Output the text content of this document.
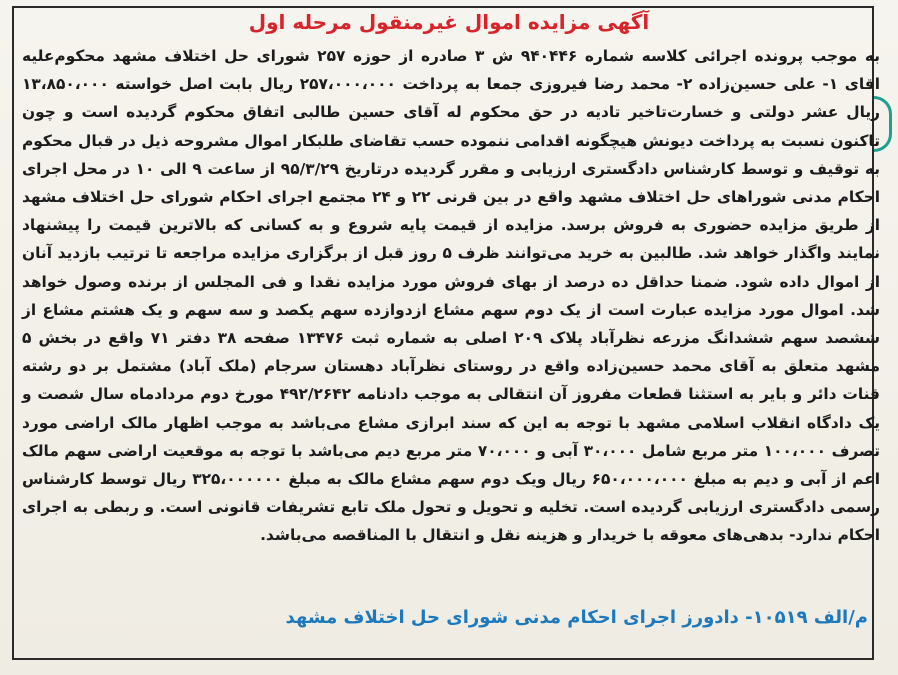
آگهی مزایده اموال غیرمنقول مرحله اول

به موجب پرونده اجرائی کلاسه شماره ۹۴۰۴۴۶ ش ۳ صادره از حوزه ۲۵۷ شورای حل اختلاف مشهد محکوم‌علیه اقای ۱- علی حسین‌زاده ۲- محمد رضا فیروزی جمعا به پرداخت ۲۵۷،۰۰۰،۰۰۰ ریال بابت اصل خواسته ۱۳،۸۵۰،۰۰۰ ریال عشر دولتی و خسارت‌تاخیر تادیه در حق محکوم له آقای حسین طالبی اتفاق محکوم گردیده است و چون تاکنون نسبت به پرداخت دیونش هیچگونه اقدامی ننموده حسب تقاضای طلبکار اموال مشروحه ذیل در قبال محکوم به توقیف و توسط کارشناس دادگستری ارزیابی و مقرر گردیده درتاریخ ۹۵/۳/۲۹ از ساعت ۹ الی ۱۰ در محل اجرای احکام مدنی شوراهای حل اختلاف مشهد واقع در بین قرنی ۲۲ و ۲۴ مجتمع اجرای احکام شورای حل اختلاف مشهد از طریق مزایده حضوری به فروش برسد. مزایده از قیمت پایه شروع و به کسانی که بالاترین قیمت را پیشنهاد نمایند واگذار خواهد شد. طالبین به خرید می‌توانند ظرف ۵ روز قبل از برگزاری مزایده مراجعه تا ترتیب بازدید آنان از اموال داده شود. ضمنا حداقل ده درصد از بهای فروش مورد مزایده نقدا و فی المجلس از برنده وصول خواهد شد. اموال مورد مزایده عبارت است از یک دوم سهم مشاع ازدوازده سهم یکصد و سه سهم و یک هشتم مشاع از ششصد سهم ششدانگ مزرعه نظرآباد پلاک ۲۰۹ اصلی به شماره ثبت ۱۳۴۷۶ صفحه ۳۸ دفتر ۷۱ واقع در بخش ۵ مشهد متعلق به آقای محمد حسین‌زاده واقع در روستای نظرآباد دهستان سرجام (ملک آباد) مشتمل بر دو رشته قنات دائر و بایر به استثنا قطعات مفروز آن انتقالی به موجب دادنامه ۴۹۲/۲۶۴۲ مورخ دوم مردادماه سال شصت و یک دادگاه انقلاب اسلامی مشهد با توجه به این که سند ابرازی مشاع می‌باشد به موجب اظهار مالک اراضی مورد تصرف ۱۰۰،۰۰۰ متر مربع شامل ۳۰،۰۰۰ آبی و ۷۰،۰۰۰ متر مربع دیم می‌باشد با توجه به موقعیت اراضی سهم مالک اعم از آبی و دیم به مبلغ ۶۵۰،۰۰۰،۰۰۰ ریال ویک دوم سهم مشاع مالک به مبلغ ۳۲۵،۰۰۰۰۰۰ ریال توسط کارشناس رسمی دادگستری ارزیابی گردیده است. تخلیه و تحویل و تحول ملک تابع تشریفات قانونی است. و ربطی به اجرای احکام ندارد- بدهی‌های معوقه با خریدار و هزینه نقل و انتقال با المناقصه می‌باشد.

م/الف ۱۰۵۱۹- دادورز اجرای احکام مدنی شورای حل اختلاف مشهد
